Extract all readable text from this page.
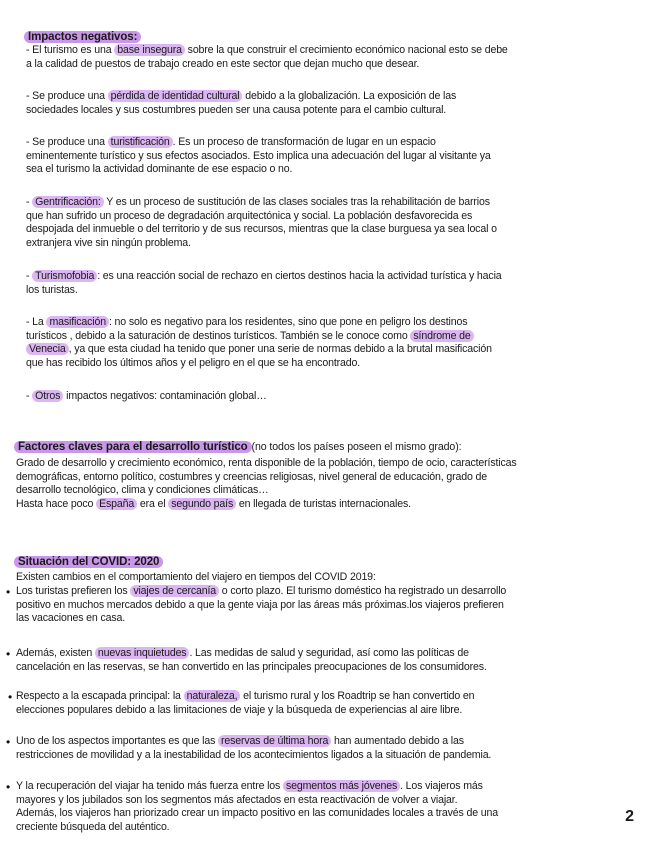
Impactos negativos:
- El turismo es una base insegura sobre la que construir el crecimiento económico nacional esto se debe
a la calidad de puestos de trabajo creado en este sector que dejan mucho que desear.
- Se produce una pérdida de identidad cultural debido a la globalización. La exposición de las
sociedades locales y sus costumbres pueden ser una causa potente para el cambio cultural.
- Se produce una turistificación . Es un proceso de transformación de lugar en un espacio
eminentemente turístico y sus efectos asociados. Esto implica una adecuación del lugar al visitante ya
sea el turismo la actividad dominante de ese espacio o no.
- Gentrificación: Y es un proceso de sustitución de las clases sociales tras la rehabilitación de barrios
que han sufrido un proceso de degradación arquitectónica y social. La población desfavorecida es
despojada del inmueble o del territorio y de sus recursos, mientras que la clase burguesa ya sea local o
extranjera vive sin ningún problema.
- Turismofobia : es una reacción social de rechazo en ciertos destinos hacia la actividad turística y hacia
los turistas.
- La masificación : no solo es negativo para los residentes, sino que pone en peligro los destinos
turísticos , debido a la saturación de destinos turísticos. También se le conoce como síndrome de
Venecia , ya que esta ciudad ha tenido que poner una serie de normas debido a la brutal masificación
que has recibido los últimos años y el peligro en el que se ha encontrado.
- Otros impactos negativos: contaminación global…
Factores claves para el desarrollo turístico (no todos los países poseen el mismo grado):
Grado de desarrollo y crecimiento económico, renta disponible de la población, tiempo de ocio, características
demográficas, entorno político, costumbres y creencias religiosas, nivel general de educación, grado de
desarrollo tecnológico, clima y condiciones climáticas…
Hasta hace poco España era el segundo país en llegada de turistas internacionales.
Situación del COVID: 2020
Existen cambios en el comportamiento del viajero en tiempos del COVID 2019:
• Los turistas prefieren los viajes de cercanía o corto plazo. El turismo doméstico ha registrado un desarrollo
positivo en muchos mercados debido a que la gente viaja por las áreas más próximas.los viajeros prefieren
las vacaciones en casa.
• Además, existen nuevas inquietudes . Las medidas de salud y seguridad, así como las políticas de
cancelación en las reservas, se han convertido en las principales preocupaciones de los consumidores.
• Respecto a la escapada principal: la naturaleza, el turismo rural y los Roadtrip se han convertido en
elecciones populares debido a las limitaciones de viaje y la búsqueda de experiencias al aire libre.
• Uno de los aspectos importantes es que las reservas de última hora han aumentado debido a las
restricciones de movilidad y a la inestabilidad de los acontecimientos ligados a la situación de pandemia.
• Y la recuperación del viajar ha tenido más fuerza entre los segmentos más jóvenes . Los viajeros más
mayores y los jubilados son los segmentos más afectados en esta reactivación de volver a viajar.
Además, los viajeros han priorizado crear un impacto positivo en las comunidades locales a través de una
creciente búsqueda del auténtico.
2
